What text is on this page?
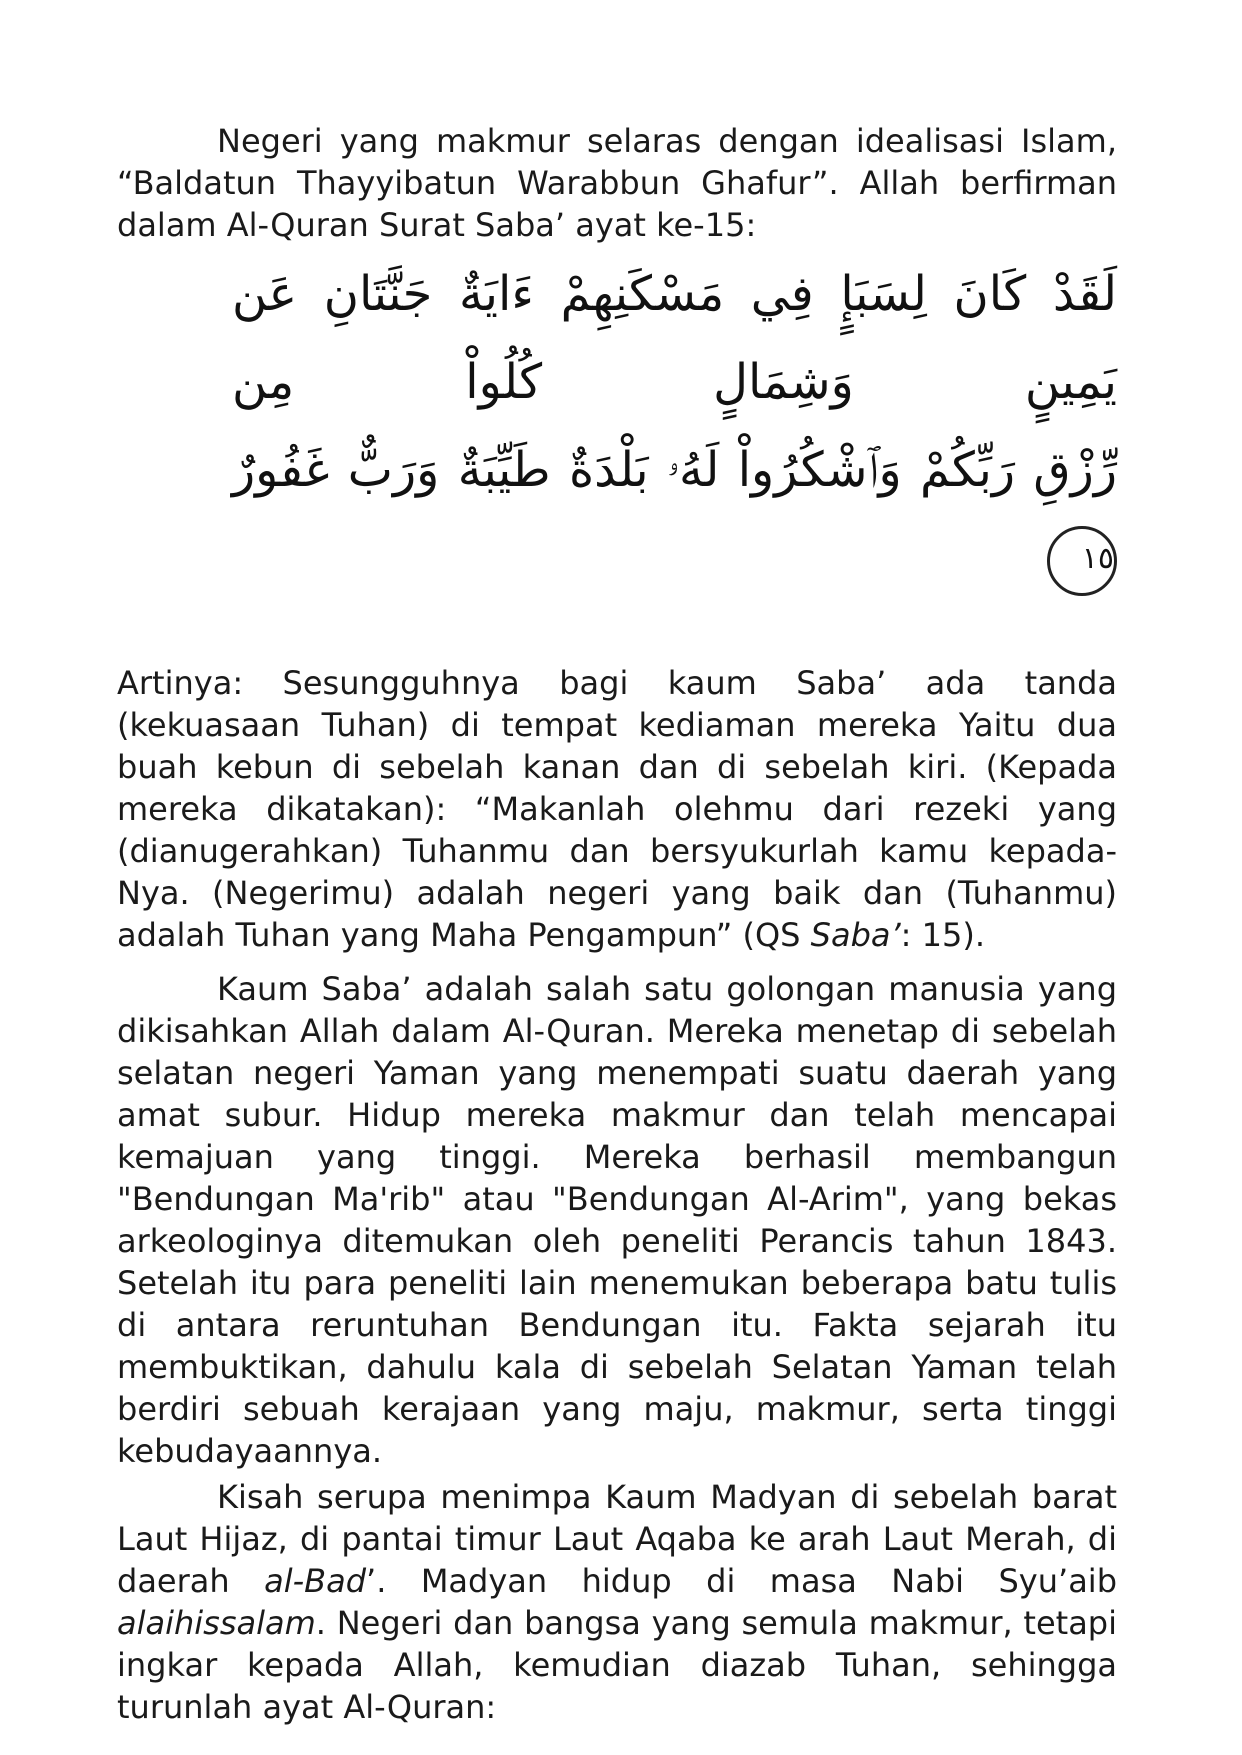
Negeri yang makmur selaras dengan idealisasi Islam, “Baldatun Thayyibatun Warabbun Ghafur”. Allah berfirman dalam Al-Quran Surat Saba’ ayat ke-15:

لَقَدْ كَانَ لِسَبَإٍ فِي مَسْكَنِهِمْ ءَايَةٌ جَنَّتَانِ عَن يَمِينٍ وَشِمَالٍ كُلُواْ مِن
رِّزْقِ رَبِّكُمْ وَٱشْكُرُواْ لَهُۥ بَلْدَةٌ طَيِّبَةٌ وَرَبٌّ غَفُورٌ ١٥

Artinya: Sesungguhnya bagi kaum Saba’ ada tanda (kekuasaan Tuhan) di tempat kediaman mereka Yaitu dua buah kebun di sebelah kanan dan di sebelah kiri. (Kepada mereka dikatakan): “Makanlah olehmu dari rezeki yang (dianugerahkan) Tuhanmu dan bersyukurlah kamu kepada-Nya. (Negerimu) adalah negeri yang baik dan (Tuhanmu) adalah Tuhan yang Maha Pengampun” (QS Saba’: 15).

Kaum Saba’ adalah salah satu golongan manusia yang dikisahkan Allah dalam Al-Quran. Mereka menetap di sebelah selatan negeri Yaman yang menempati suatu daerah yang amat subur. Hidup mereka makmur dan telah mencapai kemajuan yang tinggi. Mereka berhasil membangun "Bendungan Ma'rib" atau "Bendungan Al-Arim", yang bekas arkeologinya ditemukan oleh peneliti Perancis tahun 1843. Setelah itu para peneliti lain menemukan beberapa batu tulis di antara reruntuhan Bendungan itu. Fakta sejarah itu membuktikan, dahulu kala di sebelah Selatan Yaman telah berdiri sebuah kerajaan yang maju, makmur, serta tinggi kebudayaannya.

Kisah serupa menimpa Kaum Madyan di sebelah barat Laut Hijaz, di pantai timur Laut Aqaba ke arah Laut Merah, di daerah al-Bad’. Madyan hidup di masa Nabi Syu’aib alaihissalam. Negeri dan bangsa yang semula makmur, tetapi ingkar kepada Allah, kemudian diazab Tuhan, sehingga turunlah ayat Al-Quran:
